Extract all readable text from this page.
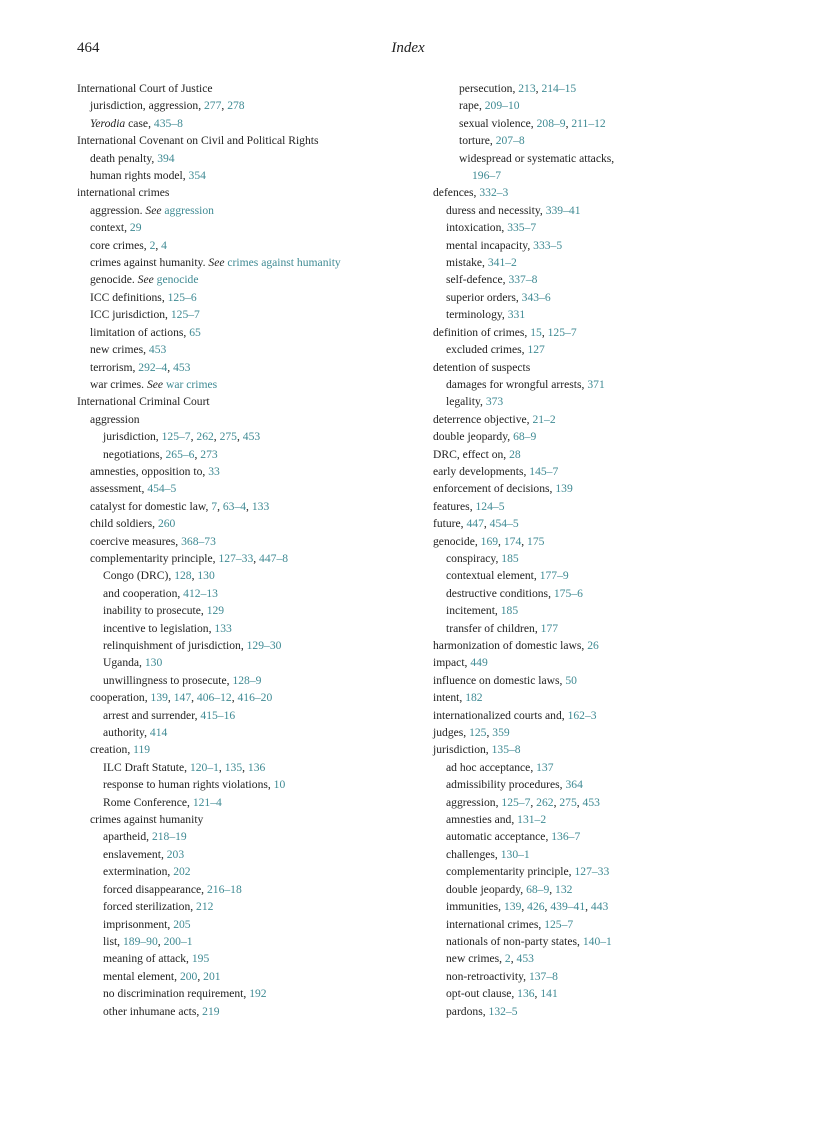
464	Index
International Court of Justice
jurisdiction, aggression, 277, 278
Yerodia case, 435–8
International Covenant on Civil and Political Rights
death penalty, 394
human rights model, 354
international crimes
aggression. See aggression
context, 29
core crimes, 2, 4
crimes against humanity. See crimes against humanity
genocide. See genocide
ICC definitions, 125–6
ICC jurisdiction, 125–7
limitation of actions, 65
new crimes, 453
terrorism, 292–4, 453
war crimes. See war crimes
International Criminal Court
aggression
jurisdiction, 125–7, 262, 275, 453
negotiations, 265–6, 273
amnesties, opposition to, 33
assessment, 454–5
catalyst for domestic law, 7, 63–4, 133
child soldiers, 260
coercive measures, 368–73
complementarity principle, 127–33, 447–8
Congo (DRC), 128, 130
and cooperation, 412–13
inability to prosecute, 129
incentive to legislation, 133
relinquishment of jurisdiction, 129–30
Uganda, 130
unwillingness to prosecute, 128–9
cooperation, 139, 147, 406–12, 416–20
arrest and surrender, 415–16
authority, 414
creation, 119
ILC Draft Statute, 120–1, 135, 136
response to human rights violations, 10
Rome Conference, 121–4
crimes against humanity
apartheid, 218–19
enslavement, 203
extermination, 202
forced disappearance, 216–18
forced sterilization, 212
imprisonment, 205
list, 189–90, 200–1
meaning of attack, 195
mental element, 200, 201
no discrimination requirement, 192
other inhumane acts, 219
persecution, 213, 214–15
rape, 209–10
sexual violence, 208–9, 211–12
torture, 207–8
widespread or systematic attacks,
196–7
defences, 332–3
duress and necessity, 339–41
intoxication, 335–7
mental incapacity, 333–5
mistake, 341–2
self-defence, 337–8
superior orders, 343–6
terminology, 331
definition of crimes, 15, 125–7
excluded crimes, 127
detention of suspects
damages for wrongful arrests, 371
legality, 373
deterrence objective, 21–2
double jeopardy, 68–9
DRC, effect on, 28
early developments, 145–7
enforcement of decisions, 139
features, 124–5
future, 447, 454–5
genocide, 169, 174, 175
conspiracy, 185
contextual element, 177–9
destructive conditions, 175–6
incitement, 185
transfer of children, 177
harmonization of domestic laws, 26
impact, 449
influence on domestic laws, 50
intent, 182
internationalized courts and, 162–3
judges, 125, 359
jurisdiction, 135–8
ad hoc acceptance, 137
admissibility procedures, 364
aggression, 125–7, 262, 275, 453
amnesties and, 131–2
automatic acceptance, 136–7
challenges, 130–1
complementarity principle, 127–33
double jeopardy, 68–9, 132
immunities, 139, 426, 439–41, 443
international crimes, 125–7
nationals of non-party states, 140–1
new crimes, 2, 453
non-retroactivity, 137–8
opt-out clause, 136, 141
pardons, 132–5
